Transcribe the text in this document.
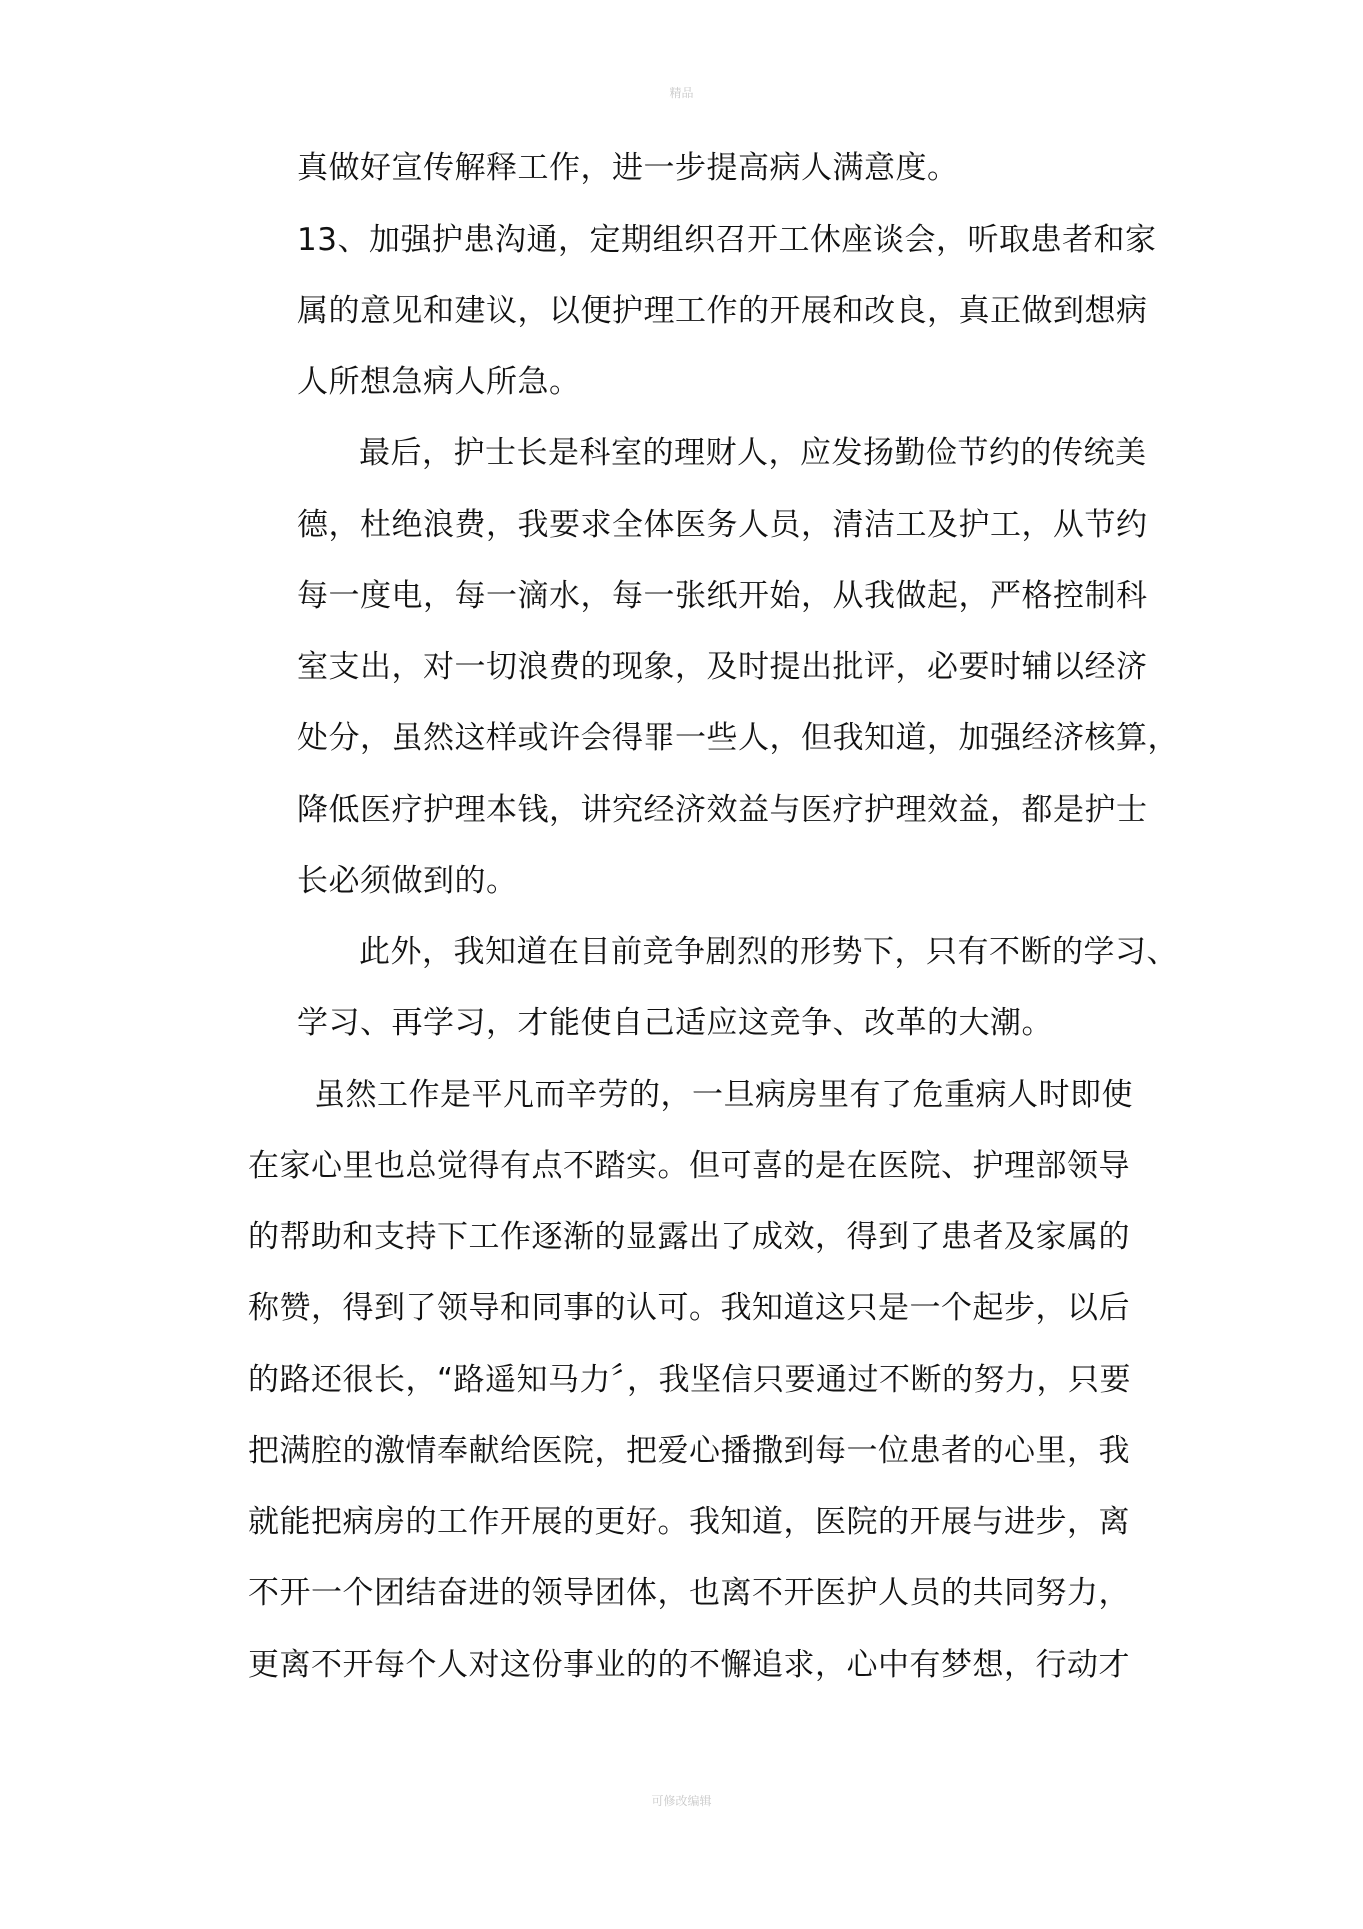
精品
真做好宣传解释工作，进一步提高病人满意度。
13、加强护患沟通，定期组织召开工休座谈会，听取患者和家
属的意见和建议，以便护理工作的开展和改良，真正做到想病
人所想急病人所急。
最后，护士长是科室的理财人，应发扬勤俭节约的传统美
德，杜绝浪费，我要求全体医务人员，清洁工及护工，从节约
每一度电，每一滴水，每一张纸开始，从我做起，严格控制科
室支出，对一切浪费的现象，及时提出批评，必要时辅以经济
处分，虽然这样或许会得罪一些人，但我知道，加强经济核算，
降低医疗护理本钱，讲究经济效益与医疗护理效益，都是护士
长必须做到的。
此外，我知道在目前竞争剧烈的形势下，只有不断的学习、
学习、再学习，才能使自己适应这竞争、改革的大潮。
虽然工作是平凡而辛劳的，一旦病房里有了危重病人时即使
在家心里也总觉得有点不踏实。但可喜的是在医院、护理部领导
的帮助和支持下工作逐渐的显露出了成效，得到了患者及家属的
称赞，得到了领导和同事的认可。我知道这只是一个起步，以后
的路还很长，“路遥知马力〞，我坚信只要通过不断的努力，只要
把满腔的激情奉献给医院，把爱心播撒到每一位患者的心里，我
就能把病房的工作开展的更好。我知道，医院的开展与进步，离
不开一个团结奋进的领导团体，也离不开医护人员的共同努力，
更离不开每个人对这份事业的的不懈追求，心中有梦想，行动才
可修改编辑
